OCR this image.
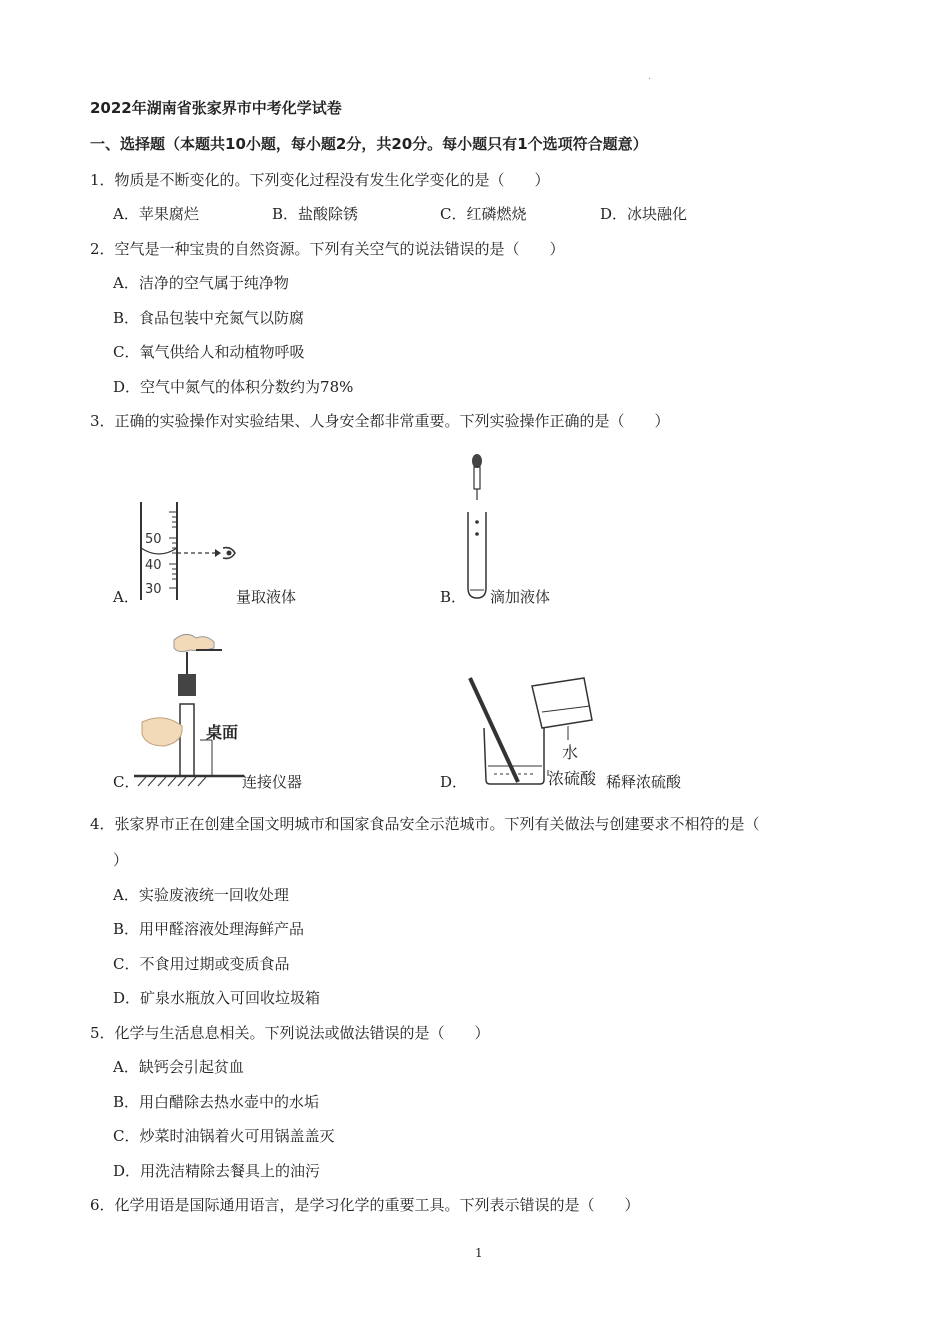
·
2022年湖南省张家界市中考化学试卷
一、选择题（本题共10小题，每小题2分，共20分。每小题只有1个选项符合题意）
1．物质是不断变化的。下列变化过程没有发生化学变化的是（　　）
A．苹果腐烂	B．盐酸除锈	C．红磷燃烧	D．冰块融化
2．空气是一种宝贵的自然资源。下列有关空气的说法错误的是（　　）
A．洁净的空气属于纯净物
B．食品包装中充氮气以防腐
C．氧气供给人和动植物呼吸
D．空气中氮气的体积分数约为78%
3．正确的实验操作对实验结果、人身安全都非常重要。下列实验操作正确的是（　　）
50
40
30
A．	量取液体	B． 滴加液体
桌面
C．	连接仪器
水
浓硫酸
D．	稀释浓硫酸
4．张家界市正在创建全国文明城市和国家食品安全示范城市。下列有关做法与创建要求不相符的是（
）
A．实验废液统一回收处理
B．用甲醛溶液处理海鲜产品
C．不食用过期或变质食品
D．矿泉水瓶放入可回收垃圾箱
5．化学与生活息息相关。下列说法或做法错误的是（　　）
A．缺钙会引起贫血
B．用白醋除去热水壶中的水垢
C．炒菜时油锅着火可用锅盖盖灭
D．用洗洁精除去餐具上的油污
6．化学用语是国际通用语言，是学习化学的重要工具。下列表示错误的是（　　）
1
